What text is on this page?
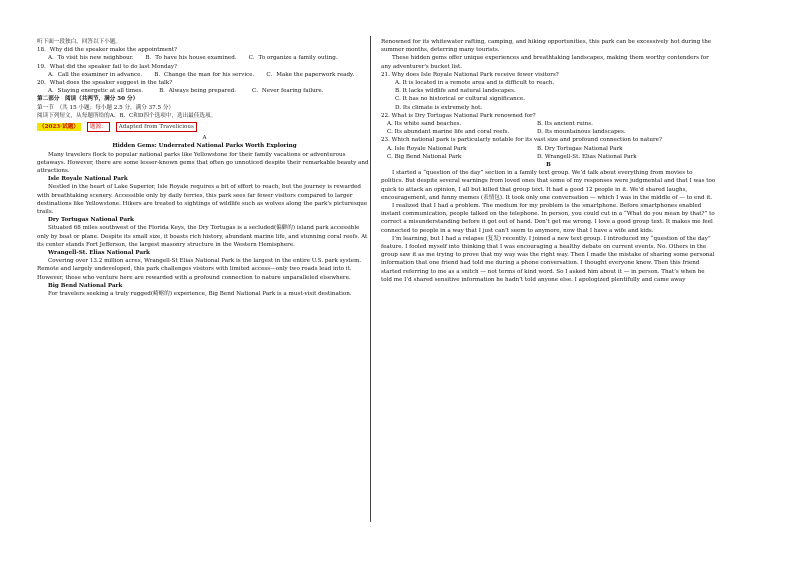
听下面一段独白，回答以下小题。

18．Why did the speaker make the appointment?

A．To visit his new neighbour. B．To have his house examined. C．To organize a family outing.

19．What did the speaker fail to do last Monday?

A．Call the examiner in advance. B．Change the man for his service. C．Make the paperwork ready.

20．What does the speaker suggest in the talk?

A．Staying energetic at all times.	B．Always being prepared.	C．Never fearing failure.

第二部分　阅读（共两节，满分 50 分）

第一节　（共 15 小题；每小题 2.5 分，满分 37.5 分）

阅读下列短文，从每题所给的A、B、C和D四个选项中，选出最佳选项。

（2023·试题）	题源：	Adapted from Travelicious

A

Hidden Gems: Underrated National Parks Worth Exploring

Many travelers flock to popular national parks like Yellowstone for their family vacations or adventurous getaways. However, there are some lesser-known gems that often go unnoticed despite their remarkable beauty and attractions.

Isle Royale National Park

Nestled in the heart of Lake Superior, Isle Royale requires a bit of effort to reach, but the journey is rewarded with breathtaking scenery. Accessible only by daily ferries, this park sees far fewer visitors compared to larger destinations like Yellowstone. Hikers are treated to sightings of wildlife such as wolves along the park's picturesque trails.

Dry Tortugas National Park

Situated 68 miles southwest of the Florida Keys, the Dry Tortugas is a secluded(偏僻的) island park accessible only by boat or plane. Despite its small size, it boasts rich history, abundant marine life, and stunning coral reefs. At its center stands Fort Jefferson, the largest masonry structure in the Western Hemisphere.

Wrangell-St. Elias National Park

Covering over 13.2 million acres, Wrangell-St Elias National Park is the largest in the entire U.S. park system. Remote and largely undeveloped, this park challenges visitors with limited access—only two roads lead into it. However, those who venture here are rewarded with a profound connection to nature unparalleled elsewhere.

Big Bend National Park

For travelers seeking a truly rugged(崎岖的) experience, Big Bend National Park is a must-visit destination.

Renowned for its whitewater rafting, camping, and hiking opportunities, this park can be excessively hot during the summer months, deterring many tourists.

These hidden gems offer unique experiences and breathtaking landscapes, making them worthy contenders for any adventurer's bucket list.

21. Why does Isle Royale National Park receive fewer visitors?

A. It is located in a remote area and is difficult to reach.

B. It lacks wildlife and natural landscapes.

C. It has no historical or cultural significance.

D. Its climate is extremely hot.

22. What is Dry Tortugas National Park renowned for?

A. Its white sand beaches.	B. Its ancient ruins.
C. Its abundant marine life and coral reefs.	D. Its mountainous landscapes.

23. Which national park is particularly notable for its vast size and profound connection to nature?

A. Isle Royale National Park	B. Dry Tortugas National Park
C. Big Bend National Park	D. Wrangell-St. Elias National Park

B

I started a “question of the day” section in a family text group. We’d talk about everything from movies to politics. But despite several warnings from loved ones that some of my responses were judgmental and that I was too quick to attack an opinion, I all but killed that group text. It had a good 12 people in it. We’d shared laughs, encouragement, and funny memes (表情包). It took only one conversation — which I was in the middle of — to end it.

I realized that I had a problem. The medium for my problem is the smartphone. Before smartphones enabled instant communication, people talked on the telephone. In person, you could cut in a “What do you mean by that?” to correct a misunderstanding before it got out of hand. Don’t get me wrong. I love a good group text. It makes me feel connected to people in a way that I just can’t seem to anymore, now that I have a wife and kids.

I’m learning, but I had a relapse (复发) recently. I joined a new text group. I introduced my “question of the day” feature. I fooled myself into thinking that I was encouraging a healthy debate on current events. No. Others in the group saw it as me trying to prove that my way was the right way. Then I made the mistake of sharing some personal information that one friend had told me during a phone conversation. I thought everyone knew. Then this friend started referring to me as a snitch — not terms of kind word. So I asked him about it — in person. That’s when he told me I’d shared sensitive information he hadn’t told anyone else. I apologized plentifully and came away
